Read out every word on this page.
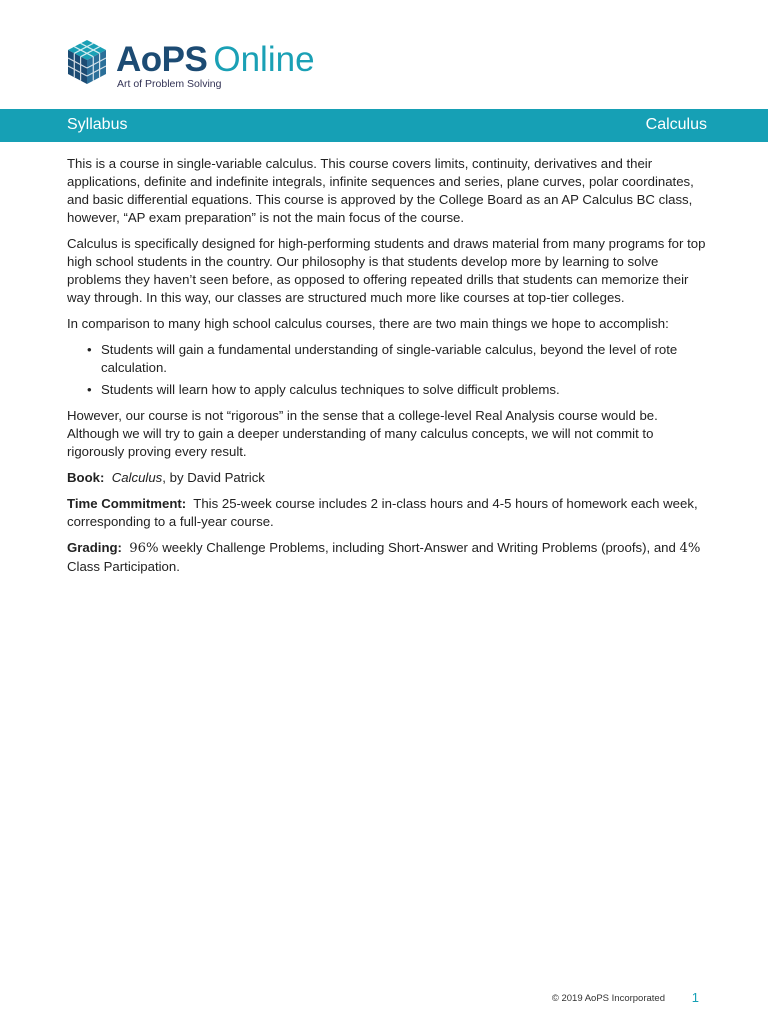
AoPS Online
Art of Problem Solving
Syllabus	Calculus

This is a course in single-variable calculus. This course covers limits, continuity, derivatives and their applications, definite and indefinite integrals, infinite sequences and series, plane curves, polar coordinates, and basic differential equations. This course is approved by the College Board as an AP Calculus BC class, however, “AP exam preparation” is not the main focus of the course.

Calculus is specifically designed for high-performing students and draws material from many programs for top high school students in the country. Our philosophy is that students develop more by learning to solve problems they haven’t seen before, as opposed to offering repeated drills that students can memorize their way through. In this way, our classes are structured much more like courses at top-tier colleges.

In comparison to many high school calculus courses, there are two main things we hope to accomplish:

• Students will gain a fundamental understanding of single-variable calculus, beyond the level of rote calculation.
• Students will learn how to apply calculus techniques to solve difficult problems.

However, our course is not “rigorous” in the sense that a college-level Real Analysis course would be. Although we will try to gain a deeper understanding of many calculus concepts, we will not commit to rigorously proving every result.

Book: Calculus, by David Patrick

Time Commitment: This 25-week course includes 2 in-class hours and 4-5 hours of homework each week, corresponding to a full-year course.

Grading: 96% weekly Challenge Problems, including Short-Answer and Writing Problems (proofs), and 4% Class Participation.

© 2019 AoPS Incorporated 1
